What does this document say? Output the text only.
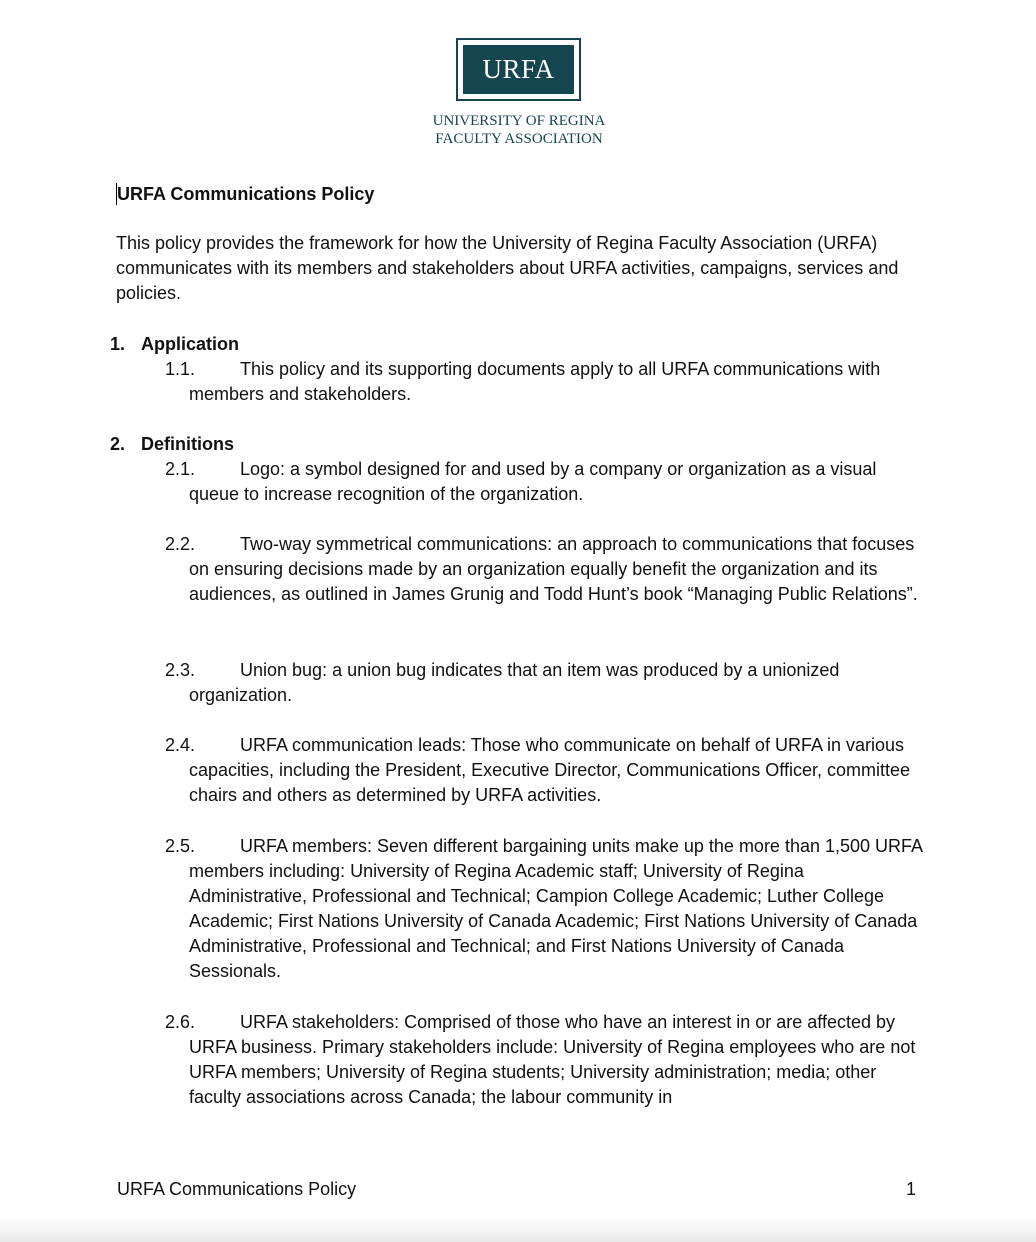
URFA
UNIVERSITY OF REGINA
FACULTY ASSOCIATION
URFA Communications Policy

This policy provides the framework for how the University of Regina Faculty Association (URFA) communicates with its members and stakeholders about URFA activities, campaigns, services and policies.

1. Application
1.1.	This policy and its supporting documents apply to all URFA communications with members and stakeholders.
2. Definitions
2.1.	Logo: a symbol designed for and used by a company or organization as a visual queue to increase recognition of the organization.
2.2.	Two-way symmetrical communications: an approach to communications that focuses on ensuring decisions made by an organization equally benefit the organization and its audiences, as outlined in James Grunig and Todd Hunt’s book “Managing Public Relations”.
2.3.	Union bug: a union bug indicates that an item was produced by a unionized organization.
2.4.	URFA communication leads: Those who communicate on behalf of URFA in various capacities, including the President, Executive Director, Communications Officer, committee chairs and others as determined by URFA activities.
2.5.	URFA members: Seven different bargaining units make up the more than 1,500 URFA members including: University of Regina Academic staff; University of Regina Administrative, Professional and Technical; Campion College Academic; Luther College Academic; First Nations University of Canada Academic; First Nations University of Canada Administrative, Professional and Technical; and First Nations University of Canada Sessionals.
2.6.	URFA stakeholders: Comprised of those who have an interest in or are affected by URFA business. Primary stakeholders include: University of Regina employees who are not URFA members; University of Regina students; University administration; media; other faculty associations across Canada; the labour community in
URFA Communications Policy	1
